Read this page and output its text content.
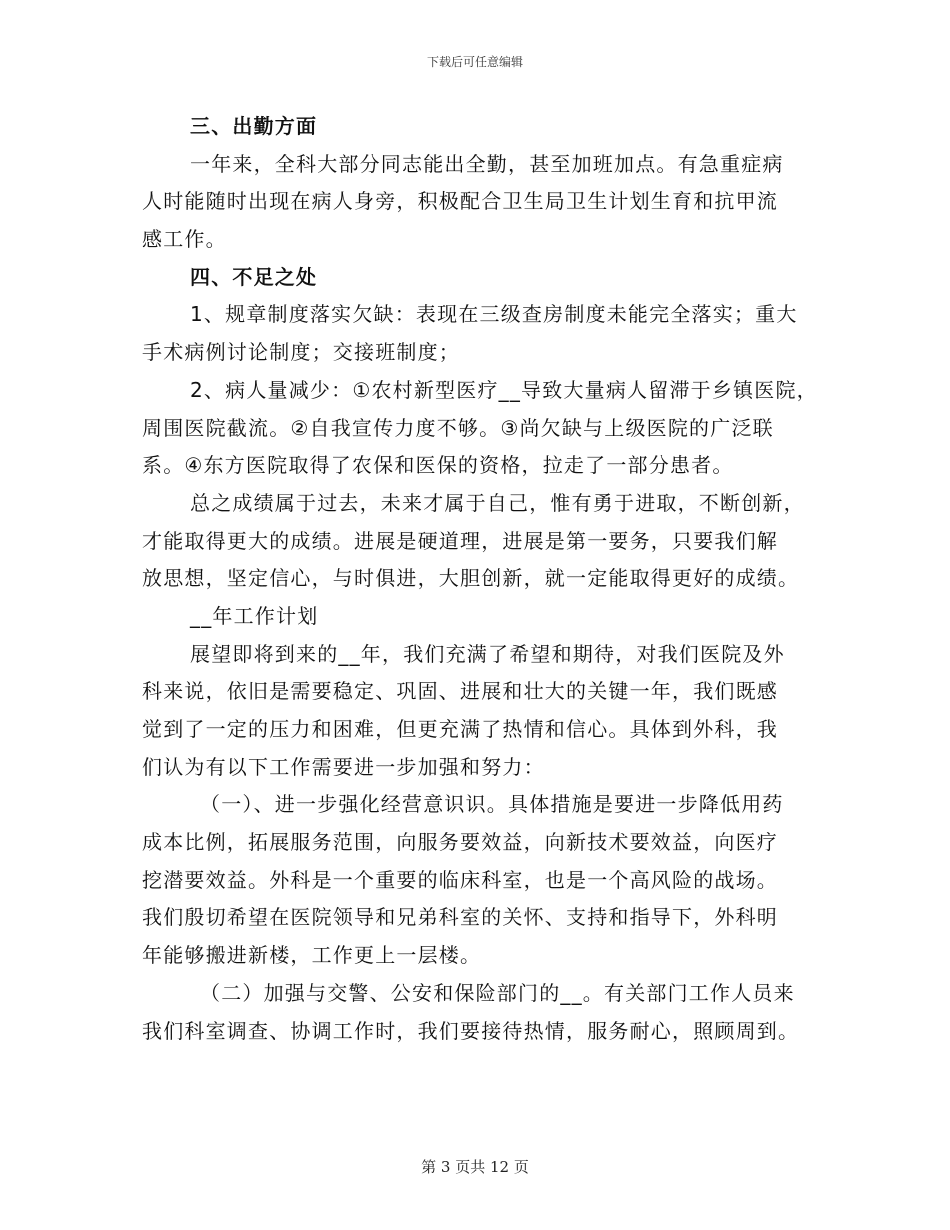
下载后可任意编辑
三、出勤方面
一年来，全科大部分同志能出全勤，甚至加班加点。有急重症病
人时能随时出现在病人身旁，积极配合卫生局卫生计划生育和抗甲流
感工作。
四、不足之处
1、规章制度落实欠缺：表现在三级查房制度未能完全落实；重大
手术病例讨论制度；交接班制度；
2、病人量减少：①农村新型医疗__导致大量病人留滞于乡镇医院，
周围医院截流。②自我宣传力度不够。③尚欠缺与上级医院的广泛联
系。④东方医院取得了农保和医保的资格，拉走了一部分患者。
总之成绩属于过去，未来才属于自己，惟有勇于进取，不断创新，
才能取得更大的成绩。进展是硬道理，进展是第一要务，只要我们解
放思想，坚定信心，与时俱进，大胆创新，就一定能取得更好的成绩。
__年工作计划
展望即将到来的__年，我们充满了希望和期待，对我们医院及外
科来说，依旧是需要稳定、巩固、进展和壮大的关键一年，我们既感
觉到了一定的压力和困难，但更充满了热情和信心。具体到外科，我
们认为有以下工作需要进一步加强和努力：
（一）、进一步强化经营意识识。具体措施是要进一步降低用药
成本比例，拓展服务范围，向服务要效益，向新技术要效益，向医疗
挖潜要效益。外科是一个重要的临床科室，也是一个高风险的战场。
我们殷切希望在医院领导和兄弟科室的关怀、支持和指导下，外科明
年能够搬进新楼，工作更上一层楼。
（二）加强与交警、公安和保险部门的__。有关部门工作人员来
我们科室调查、协调工作时，我们要接待热情，服务耐心，照顾周到。
第 3 页共 12 页
